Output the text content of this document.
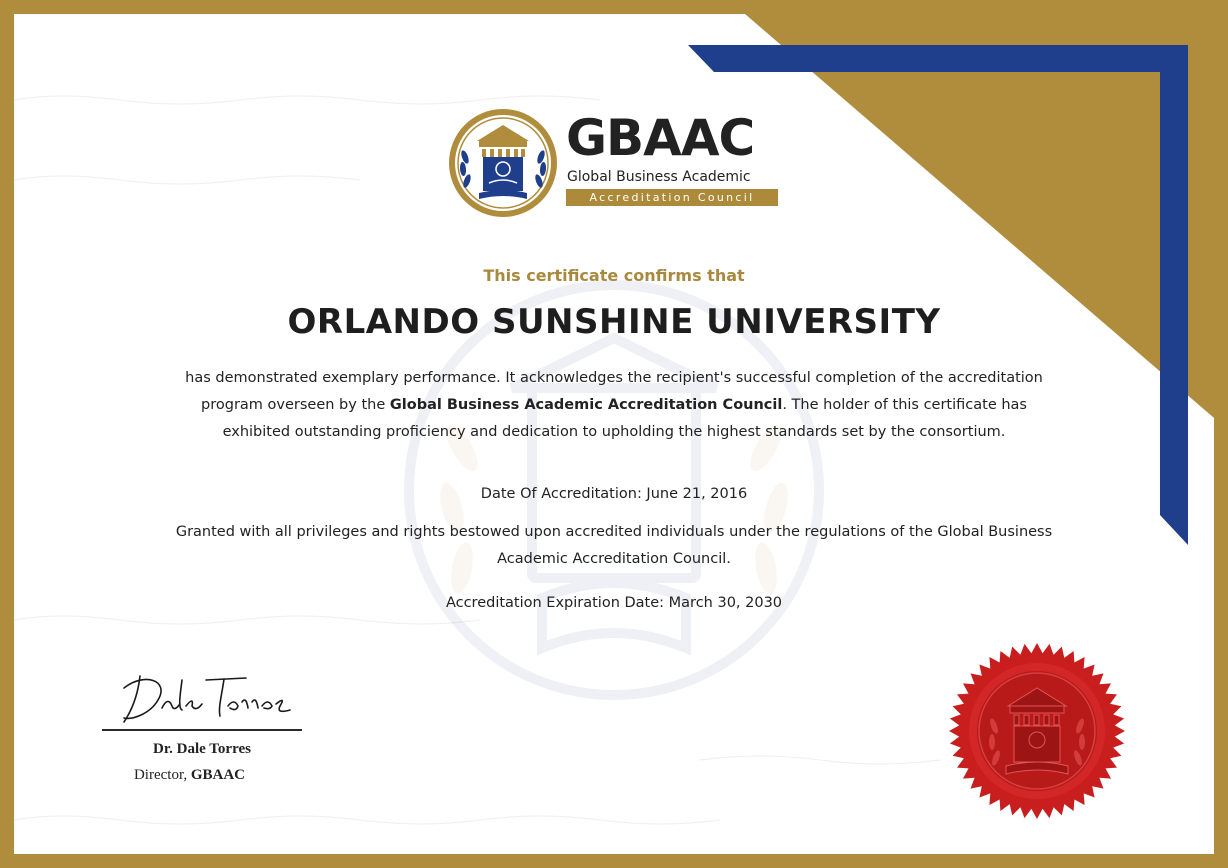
GBAAC

Global Business Academic

Accreditation Council

This certificate confirms that

ORLANDO SUNSHINE UNIVERSITY

has demonstrated exemplary performance. It acknowledges the recipient's successful completion of the accreditation program overseen by the Global Business Academic Accreditation Council. The holder of this certificate has exhibited outstanding proficiency and dedication to upholding the highest standards set by the consortium.

Date Of Accreditation: June 21, 2016

Granted with all privileges and rights bestowed upon accredited individuals under the regulations of the Global Business Academic Accreditation Council.

Accreditation Expiration Date: March 30, 2030

Dr. Dale Torres

Director, GBAAC
